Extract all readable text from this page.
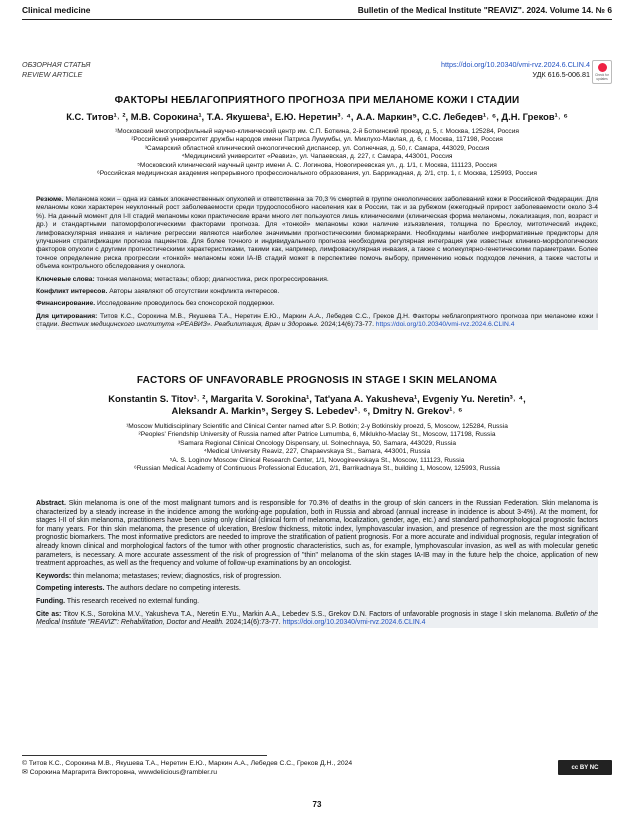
Clinical medicine	Bulletin of the Medical Institute "REAVIZ". 2024. Volume 14. № 6
ОБЗОРНАЯ СТАТЬЯ
REVIEW ARTICLE
https://doi.org/10.20340/vmi-rvz.2024.6.CLIN.4
УДК 616.5-006.81	Check for updates
ФАКТОРЫ НЕБЛАГОПРИЯТНОГО ПРОГНОЗА ПРИ МЕЛАНОМЕ КОЖИ I СТАДИИ
К.С. Титов¹˒ ², М.В. Сорокина¹, Т.А. Якушева¹, Е.Ю. Неретин³˒ ⁴, А.А. Маркин⁵, С.С. Лебедев¹˒ ⁶, Д.Н. Греков¹˒ ⁶
¹Московский многопрофильный научно-клинический центр им. С.П. Боткина, 2-й Боткинский проезд, д. 5, г. Москва, 125284, Россия
²Российский университет дружбы народов имени Патриса Лумумбы, ул. Миклухо-Маклая, д. 6, г. Москва, 117198, Россия
³Самарский областной клинический онкологический диспансер, ул. Солнечная, д. 50, г. Самара, 443029, Россия
⁴Медицинский университет «Реавиз», ул. Чапаевская, д. 227, г. Самара, 443001, Россия
⁵Московский клинический научный центр имени А. С. Логинова, Новогиреевская ул., д. 1/1, г. Москва, 111123, Россия
⁶Российская медицинская академия непрерывного профессионального образования, ул. Баррикадная, д. 2/1, стр. 1, г. Москва, 125993, Россия

Резюме. Меланома кожи – одна из самых злокачественных опухолей и ответственна за 70,3 % смертей в группе онкологических заболеваний кожи в Российской Федерации. Для меланомы кожи характерен неуклонный рост заболеваемости среди трудоспособного населения как в России, так и за рубежом (ежегодный прирост заболеваемости около 3-4 %). На данный момент для I-II стадий меланомы кожи практические врачи много лет пользуются лишь клиническими (клиническая форма меланомы, локализация, пол, возраст и др.) и стандартными патоморфологическими факторами прогноза. Для «тонкой» меланомы кожи наличие изъязвления, толщина по Бреслоу, митотический индекс, лимфоваскулярная инвазия и наличие регрессии являются наиболее значимыми прогностическими биомаркерами. Необходимы наиболее информативные предикторы для улучшения стратификации прогноза пациентов. Для более точного и индивидуального прогноза необходима регулярная интеграция уже известных клинико-морфологических факторов опухоли с другими прогностическими характеристиками, такими как, например, лимфоваскулярная инвазия, а также с молекулярно-генетическими параметрами. Более точное определение риска прогрессии «тонкой» меланомы кожи IA-IB стадий может в перспективе помочь выбору, применению новых подходов лечения, а также частоты и объема контрольного обследования у онколога.

Ключевые слова: тонкая меланома; метастазы; обзор; диагностика, риск прогрессирования.

Конфликт интересов. Авторы заявляют об отсутствии конфликта интересов.

Финансирование. Исследование проводилось без спонсорской поддержки.

Для цитирования: Титов К.С., Сорокина М.В., Якушева Т.А., Неретин Е.Ю., Маркин А.А., Лебедев С.С., Греков Д.Н. Факторы неблагоприятного прогноза при меланоме кожи I стадии. Вестник медицинского института «РЕАВИЗ». Реабилитация, Врач и Здоровье. 2024;14(6):73-77. https://doi.org/10.20340/vmi-rvz.2024.6.CLIN.4

FACTORS OF UNFAVORABLE PROGNOSIS IN STAGE I SKIN MELANOMA
Konstantin S. Titov¹˒ ², Margarita V. Sorokina¹, Tat'yana A. Yakusheva¹, Evgeniy Yu. Neretin³˒ ⁴,
Aleksandr A. Markin⁵, Sergey S. Lebedev¹˒ ⁶, Dmitry N. Grekov¹˒ ⁶
¹Moscow Multidisciplinary Scientific and Clinical Center named after S.P. Botkin; 2-y Botkinskiy proezd, 5, Moscow, 125284, Russia
²Peoples' Friendship University of Russia named after Patrice Lumumba, 6, Miklukho-Maclay St., Moscow, 117198, Russia
³Samara Regional Clinical Oncology Dispensary, ul. Solnechnaya, 50, Samara, 443029, Russia
⁴Medical University Reaviz, 227, Chapaevskaya St., Samara, 443001, Russia
⁵A. S. Loginov Moscow Clinical Research Center, 1/1, Novogireevskaya St., Moscow, 111123, Russia
⁶Russian Medical Academy of Continuous Professional Education, 2/1, Barrikadnaya St., building 1, Moscow, 125993, Russia

Abstract. Skin melanoma is one of the most malignant tumors and is responsible for 70.3% of deaths in the group of skin cancers in the Russian Federation. Skin melanoma is characterized by a steady increase in the incidence among the working-age population, both in Russia and abroad (annual increase in incidence is about 3-4%). At the moment, for stages I-II of skin melanoma, practitioners have been using only clinical (clinical form of melanoma, localization, gender, age, etc.) and standard pathomorphological prognostic factors for many years. For thin skin melanoma, the presence of ulceration, Breslow thickness, mitotic index, lymphovascular invasion, and presence of regression are the most significant prognostic biomarkers. The most informative predictors are needed to improve the stratification of patient prognosis. For a more accurate and individual prognosis, regular integration of already known clinical and morphological factors of the tumor with other prognostic characteristics, such as, for example, lymphovascular invasion, as well as with molecular genetic parameters, is necessary. A more accurate assessment of the risk of progression of "thin" melanoma of the skin stages IA-IB may in the future help the choice, application of new treatment approaches, as well as the frequency and volume of follow-up examinations by an oncologist.

Keywords: thin melanoma; metastases; review; diagnostics, risk of progression.

Competing interests. The authors declare no competing interests.

Funding. This research received no external funding.

Cite as: Titov K.S., Sorokina M.V., Yakusheva T.A., Neretin E.Yu., Markin A.A., Lebedev S.S., Grekov D.N. Factors of unfavorable prognosis in stage I skin melanoma. Bulletin of the Medical Institute "REAVIZ": Rehabilitation, Doctor and Health. 2024;14(6):73-77. https://doi.org/10.20340/vmi-rvz.2024.6.CLIN.4

© Титов К.С., Сорокина М.В., Якушева Т.А., Неретин Е.Ю., Маркин А.А., Лебедев С.С., Греков Д.Н., 2024
✉ Сорокина Маргарита Викторовна, wwwdelicious@rambler.ru
cc BY NC
73
